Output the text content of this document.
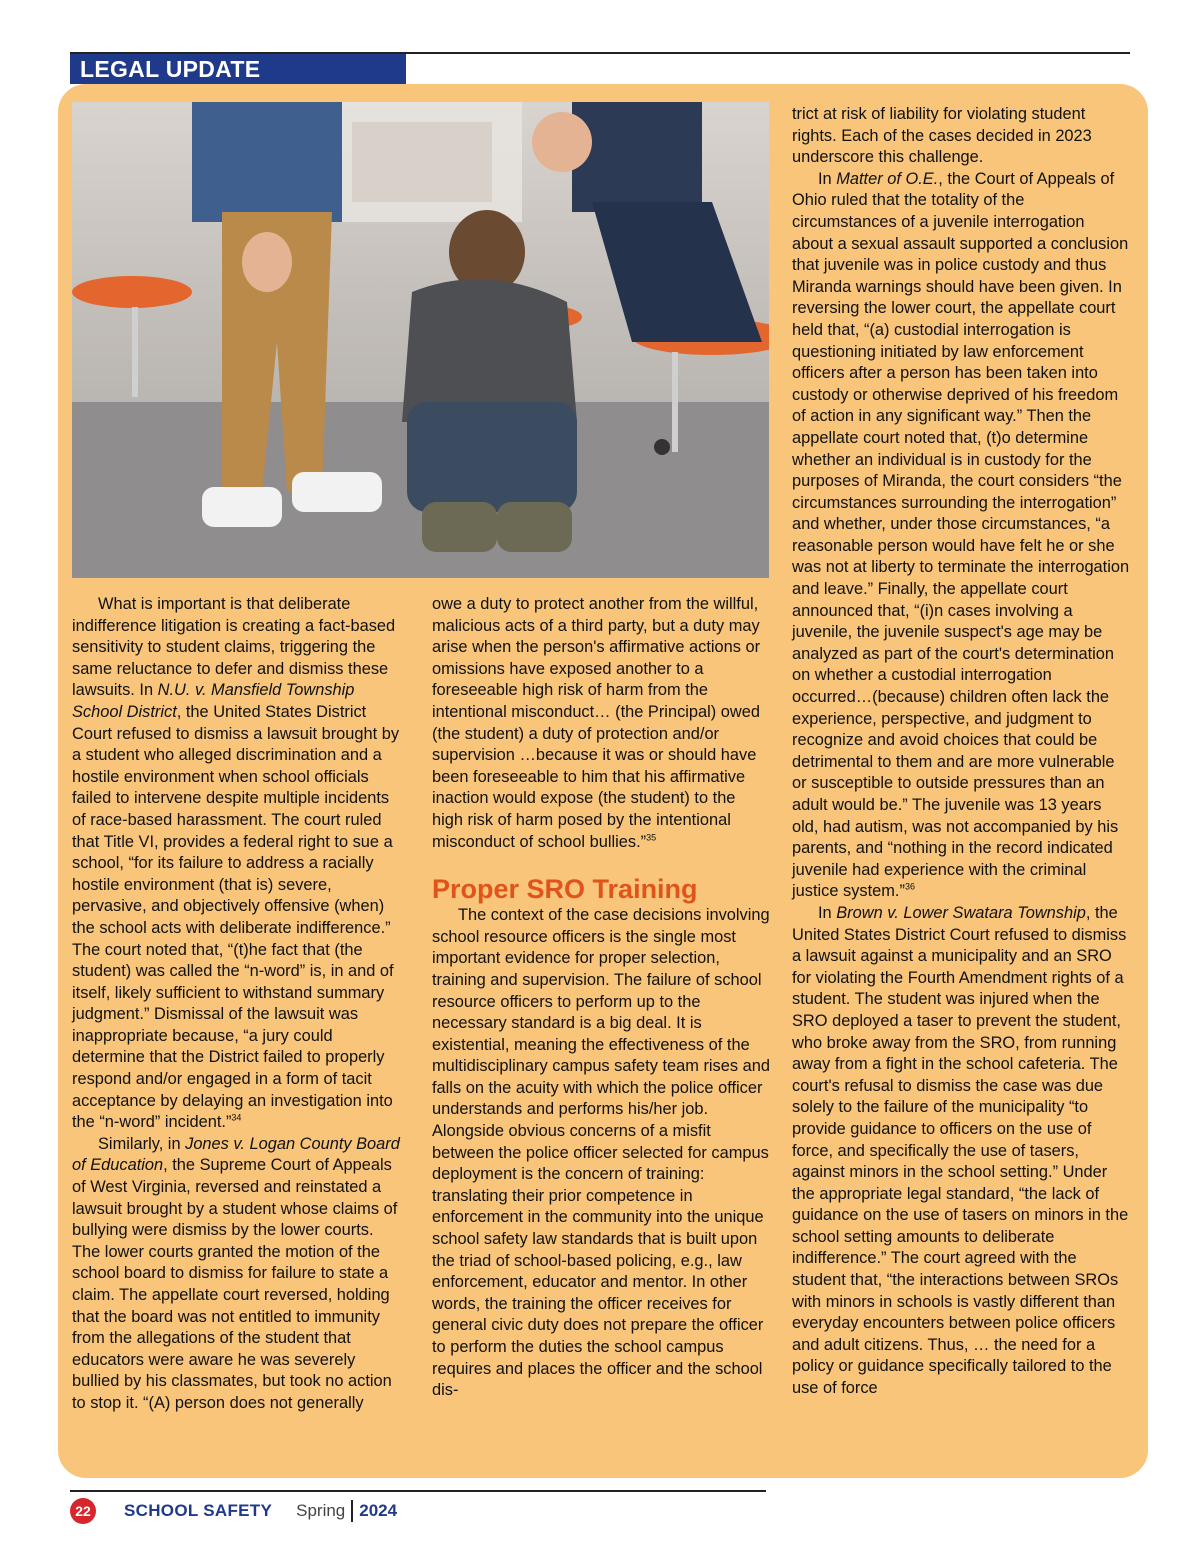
LEGAL UPDATE

What is important is that deliberate indifference litigation is creating a fact-based sensitivity to student claims, triggering the same reluctance to defer and dismiss these lawsuits. In N.U. v. Mansfield Township School District, the United States District Court refused to dismiss a lawsuit brought by a student who alleged discrimination and a hostile environment when school officials failed to intervene despite multiple incidents of race-based harassment. The court ruled that Title VI, provides a federal right to sue a school, “for its failure to address a racially hostile environment (that is) severe, pervasive, and objectively offensive (when) the school acts with deliberate indifference.” The court noted that, “(t)he fact that (the student) was called the “n-word” is, in and of itself, likely sufficient to withstand summary judgment.” Dismissal of the lawsuit was inappropriate because, “a jury could determine that the District failed to properly respond and/or engaged in a form of tacit acceptance by delaying an investigation into the “n-word” incident.”$^{34}$

Similarly, in Jones v. Logan County Board of Education, the Supreme Court of Appeals of West Virginia, reversed and reinstated a lawsuit brought by a student whose claims of bullying were dismiss by the lower courts. The lower courts granted the motion of the school board to dismiss for failure to state a claim. The appellate court reversed, holding that the board was not entitled to immunity from the allegations of the student that educators were aware he was severely bullied by his classmates, but took no action to stop it. “(A) person does not generally

owe a duty to protect another from the willful, malicious acts of a third party, but a duty may arise when the person's affirmative actions or omissions have exposed another to a foreseeable high risk of harm from the intentional misconduct… (the Principal) owed (the student) a duty of protection and/or supervision …because it was or should have been foreseeable to him that his affirmative inaction would expose (the student) to the high risk of harm posed by the intentional misconduct of school bullies.”$^{35}$

Proper SRO Training

The context of the case decisions involving school resource officers is the single most important evidence for proper selection, training and supervision. The failure of school resource officers to perform up to the necessary standard is a big deal. It is existential, meaning the effectiveness of the multidisciplinary campus safety team rises and falls on the acuity with which the police officer understands and performs his/her job. Alongside obvious concerns of a misfit between the police officer selected for campus deployment is the concern of training: translating their prior competence in enforcement in the community into the unique school safety law standards that is built upon the triad of school-based policing, e.g., law enforcement, educator and mentor. In other words, the training the officer receives for general civic duty does not prepare the officer to perform the duties the school campus requires and places the officer and the school dis-

trict at risk of liability for violating student rights. Each of the cases decided in 2023 underscore this challenge.

In Matter of O.E., the Court of Appeals of Ohio ruled that the totality of the circumstances of a juvenile interrogation about a sexual assault supported a conclusion that juvenile was in police custody and thus Miranda warnings should have been given. In reversing the lower court, the appellate court held that, “(a) custodial interrogation is questioning initiated by law enforcement officers after a person has been taken into custody or otherwise deprived of his freedom of action in any significant way.” Then the appellate court noted that, (t)o determine whether an individual is in custody for the purposes of Miranda, the court considers “the circumstances surrounding the interrogation” and whether, under those circumstances, “a reasonable person would have felt he or she was not at liberty to terminate the interrogation and leave.” Finally, the appellate court announced that, “(i)n cases involving a juvenile, the juvenile suspect's age may be analyzed as part of the court's determination on whether a custodial interrogation occurred…(because) children often lack the experience, perspective, and judgment to recognize and avoid choices that could be detrimental to them and are more vulnerable or susceptible to outside pressures than an adult would be.” The juvenile was 13 years old, had autism, was not accompanied by his parents, and “nothing in the record indicated juvenile had experience with the criminal justice system.”$^{36}$

In Brown v. Lower Swatara Township, the United States District Court refused to dismiss a lawsuit against a municipality and an SRO for violating the Fourth Amendment rights of a student. The student was injured when the SRO deployed a taser to prevent the student, who broke away from the SRO, from running away from a fight in the school cafeteria. The court's refusal to dismiss the case was due solely to the failure of the municipality “to provide guidance to officers on the use of force, and specifically the use of tasers, against minors in the school setting.” Under the appropriate legal standard, “the lack of guidance on the use of tasers on minors in the school setting amounts to deliberate indifference.” The court agreed with the student that, “the interactions between SROs with minors in schools is vastly different than everyday encounters between police officers and adult citizens. Thus, … the need for a policy or guidance specifically tailored to the use of force

22	SCHOOL SAFETY Spring 2024
